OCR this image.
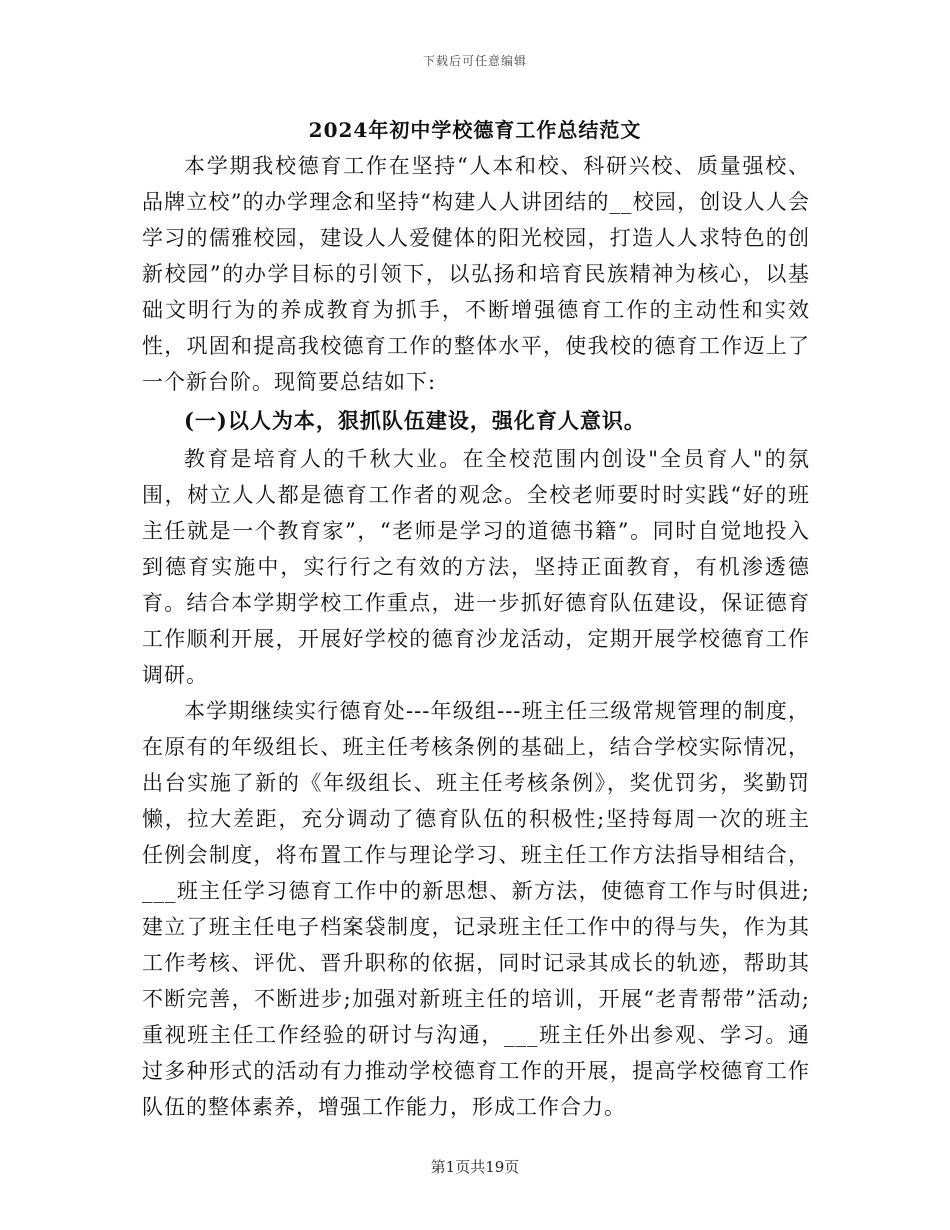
下载后可任意编辑
2024年初中学校德育工作总结范文

本学期我校德育工作在坚持“人本和校、科研兴校、质量强校、品牌立校”的办学理念和坚持“构建人人讲团结的__校园，创设人人会学习的儒雅校园，建设人人爱健体的阳光校园，打造人人求特色的创新校园”的办学目标的引领下，以弘扬和培育民族精神为核心，以基础文明行为的养成教育为抓手，不断增强德育工作的主动性和实效性，巩固和提高我校德育工作的整体水平，使我校的德育工作迈上了一个新台阶。现简要总结如下:

(一)以人为本，狠抓队伍建设，强化育人意识。

教育是培育人的千秋大业。在全校范围内创设"全员育人"的氛围，树立人人都是德育工作者的观念。全校老师要时时实践“好的班主任就是一个教育家”，“老师是学习的道德书籍”。同时自觉地投入到德育实施中，实行行之有效的方法，坚持正面教育，有机渗透德育。结合本学期学校工作重点，进一步抓好德育队伍建设，保证德育工作顺利开展，开展好学校的德育沙龙活动，定期开展学校德育工作调研。

本学期继续实行德育处---年级组---班主任三级常规管理的制度，在原有的年级组长、班主任考核条例的基础上，结合学校实际情况，出台实施了新的《年级组长、班主任考核条例》，奖优罚劣，奖勤罚懒，拉大差距，充分调动了德育队伍的积极性;坚持每周一次的班主任例会制度，将布置工作与理论学习、班主任工作方法指导相结合，___班主任学习德育工作中的新思想、新方法，使德育工作与时俱进;建立了班主任电子档案袋制度，记录班主任工作中的得与失，作为其工作考核、评优、晋升职称的依据，同时记录其成长的轨迹，帮助其不断完善，不断进步;加强对新班主任的培训，开展“老青帮带”活动;重视班主任工作经验的研讨与沟通，___班主任外出参观、学习。通过多种形式的活动有力推动学校德育工作的开展，提高学校德育工作队伍的整体素养，增强工作能力，形成工作合力。

第1页共19页
